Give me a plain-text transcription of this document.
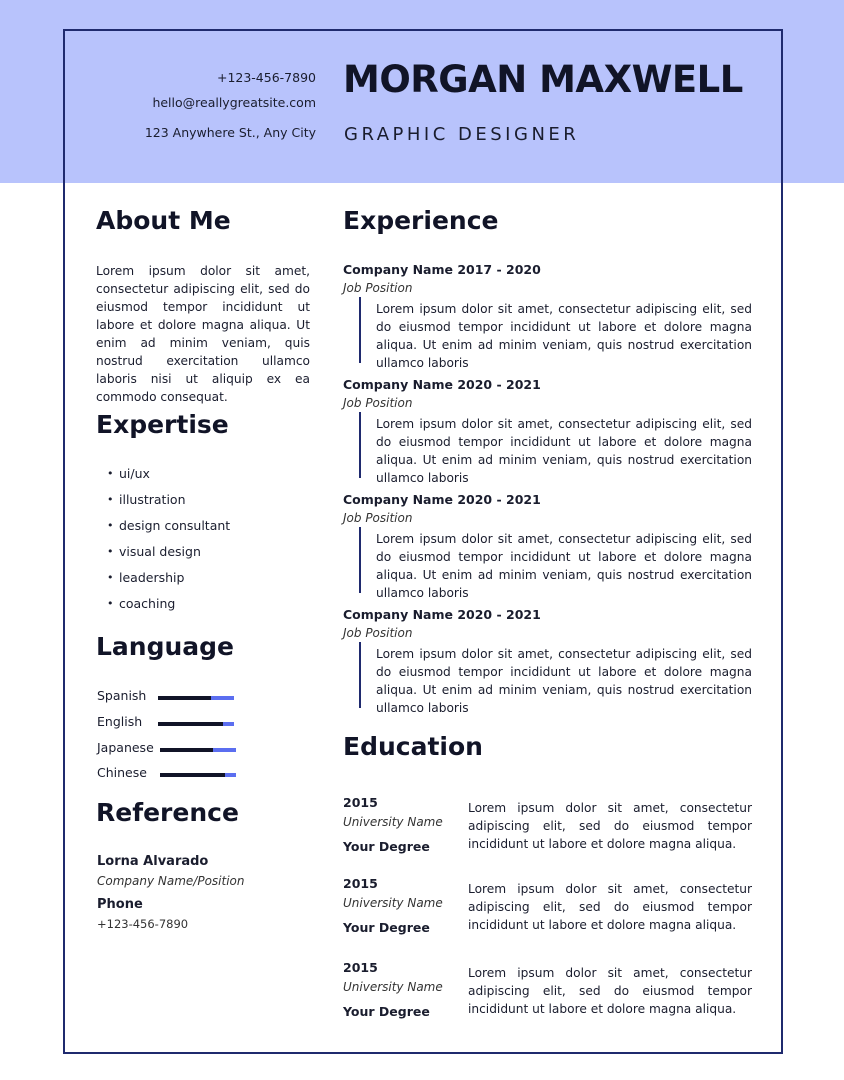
+123-456-7890
hello@reallygreatsite.com
123 Anywhere St., Any City
MORGAN MAXWELL
GRAPHIC DESIGNER
About Me
Lorem ipsum dolor sit amet, consectetur adipiscing elit, sed do eiusmod tempor incididunt ut labore et dolore magna aliqua. Ut enim ad minim veniam, quis nostrud exercitation ullamco laboris nisi ut aliquip ex ea commodo consequat.
Expertise
• ui/ux
• illustration
• design consultant
• visual design
• leadership
• coaching
Language
Spanish
English
Japanese
Chinese
Reference
Lorna Alvarado
Company Name/Position
Phone
+123-456-7890
Experience
Company Name 2017 - 2020
Job Position
Lorem ipsum dolor sit amet, consectetur adipiscing elit, sed do eiusmod tempor incididunt ut labore et dolore magna aliqua. Ut enim ad minim veniam, quis nostrud exercitation ullamco laboris
Company Name 2020 - 2021
Job Position
Lorem ipsum dolor sit amet, consectetur adipiscing elit, sed do eiusmod tempor incididunt ut labore et dolore magna aliqua. Ut enim ad minim veniam, quis nostrud exercitation ullamco laboris
Company Name 2020 - 2021
Job Position
Lorem ipsum dolor sit amet, consectetur adipiscing elit, sed do eiusmod tempor incididunt ut labore et dolore magna aliqua. Ut enim ad minim veniam, quis nostrud exercitation ullamco laboris
Company Name 2020 - 2021
Job Position
Lorem ipsum dolor sit amet, consectetur adipiscing elit, sed do eiusmod tempor incididunt ut labore et dolore magna aliqua. Ut enim ad minim veniam, quis nostrud exercitation ullamco laboris
Education
2015
University Name
Your Degree
Lorem ipsum dolor sit amet, consectetur adipiscing elit, sed do eiusmod tempor incididunt ut labore et dolore magna aliqua.
2015
University Name
Your Degree
Lorem ipsum dolor sit amet, consectetur adipiscing elit, sed do eiusmod tempor incididunt ut labore et dolore magna aliqua.
2015
University Name
Your Degree
Lorem ipsum dolor sit amet, consectetur adipiscing elit, sed do eiusmod tempor incididunt ut labore et dolore magna aliqua.
